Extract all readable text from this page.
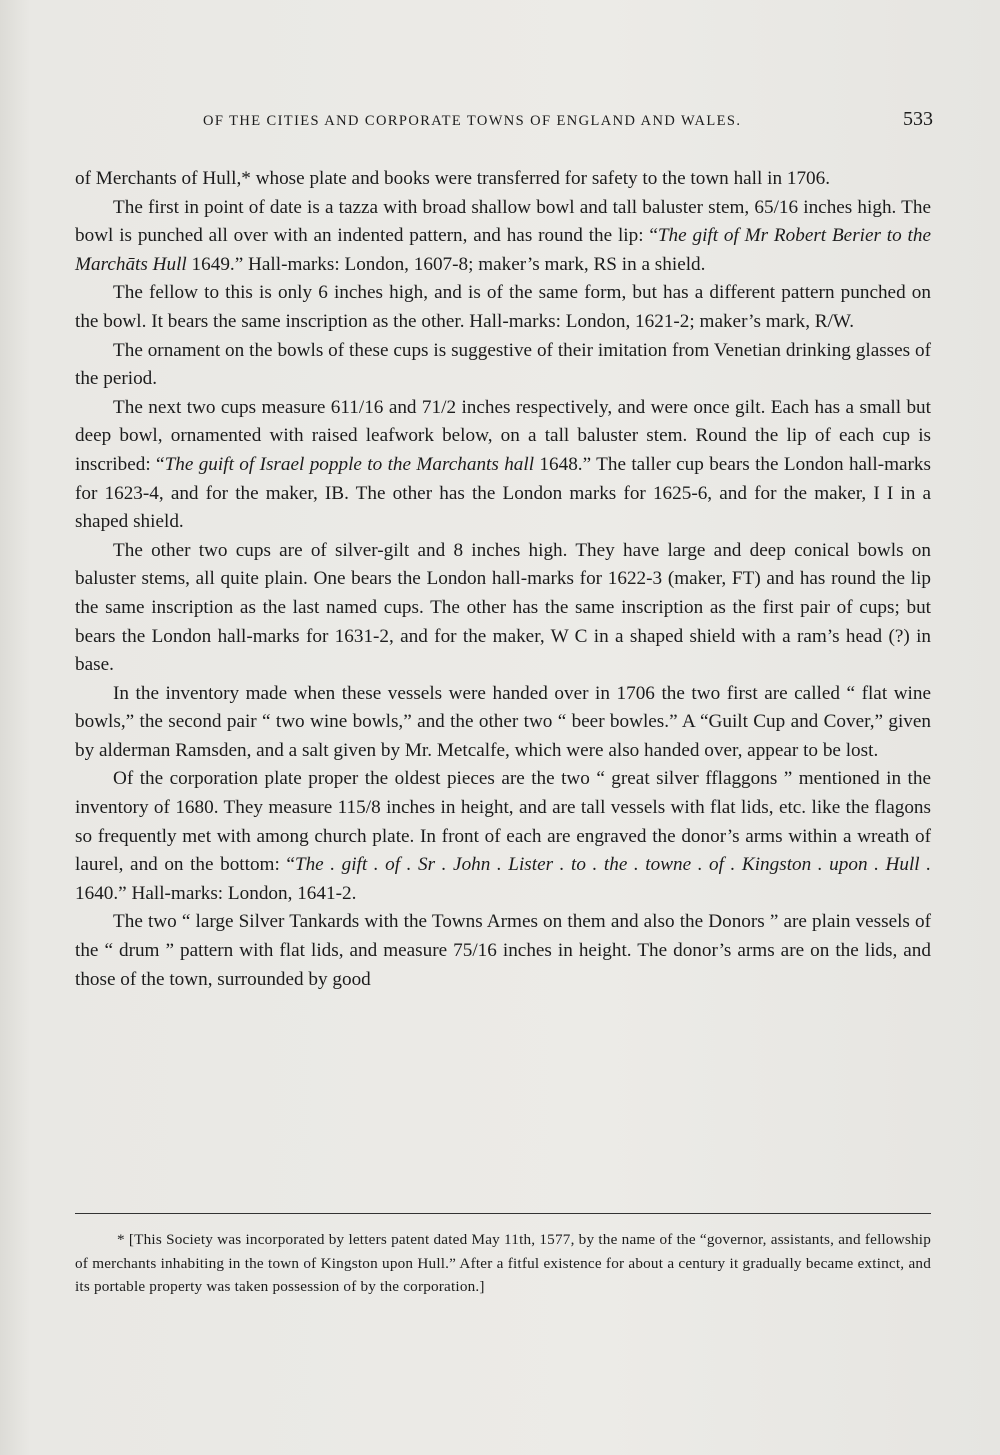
OF THE CITIES AND CORPORATE TOWNS OF ENGLAND AND WALES.	533

of Merchants of Hull,* whose plate and books were transferred for safety to the town hall in 1706.

The first in point of date is a tazza with broad shallow bowl and tall baluster stem, 65/16 inches high. The bowl is punched all over with an indented pattern, and has round the lip: “The gift of Mr Robert Berier to the Marchāts Hull 1649.” Hall-marks: London, 1607-8; maker’s mark, RS in a shield.

The fellow to this is only 6 inches high, and is of the same form, but has a different pattern punched on the bowl. It bears the same inscription as the other. Hall-marks: London, 1621-2; maker’s mark, R/W.

The ornament on the bowls of these cups is suggestive of their imitation from Venetian drinking glasses of the period.

The next two cups measure 611/16 and 71/2 inches respectively, and were once gilt. Each has a small but deep bowl, ornamented with raised leafwork below, on a tall baluster stem. Round the lip of each cup is inscribed: “The guift of Israel popple to the Marchants hall 1648.” The taller cup bears the London hall-marks for 1623-4, and for the maker, IB. The other has the London marks for 1625-6, and for the maker, I I in a shaped shield.

The other two cups are of silver-gilt and 8 inches high. They have large and deep conical bowls on baluster stems, all quite plain. One bears the London hall-marks for 1622-3 (maker, FT) and has round the lip the same inscription as the last named cups. The other has the same inscription as the first pair of cups; but bears the London hall-marks for 1631-2, and for the maker, W C in a shaped shield with a ram’s head (?) in base.

In the inventory made when these vessels were handed over in 1706 the two first are called “ flat wine bowls,” the second pair “ two wine bowls,” and the other two “ beer bowles.” A “Guilt Cup and Cover,” given by alderman Ramsden, and a salt given by Mr. Metcalfe, which were also handed over, appear to be lost.

Of the corporation plate proper the oldest pieces are the two “ great silver fflaggons ” mentioned in the inventory of 1680. They measure 115/8 inches in height, and are tall vessels with flat lids, etc. like the flagons so frequently met with among church plate. In front of each are engraved the donor’s arms within a wreath of laurel, and on the bottom: “The . gift . of . Sr . John . Lister . to . the . towne . of . Kingston . upon . Hull . 1640.” Hall-marks: London, 1641-2.

The two “ large Silver Tankards with the Towns Armes on them and also the Donors ” are plain vessels of the “ drum ” pattern with flat lids, and measure 75/16 inches in height. The donor’s arms are on the lids, and those of the town, surrounded by good

* [This Society was incorporated by letters patent dated May 11th, 1577, by the name of the “governor, assistants, and fellowship of merchants inhabiting in the town of Kingston upon Hull.” After a fitful existence for about a century it gradually became extinct, and its portable property was taken possession of by the corporation.]
